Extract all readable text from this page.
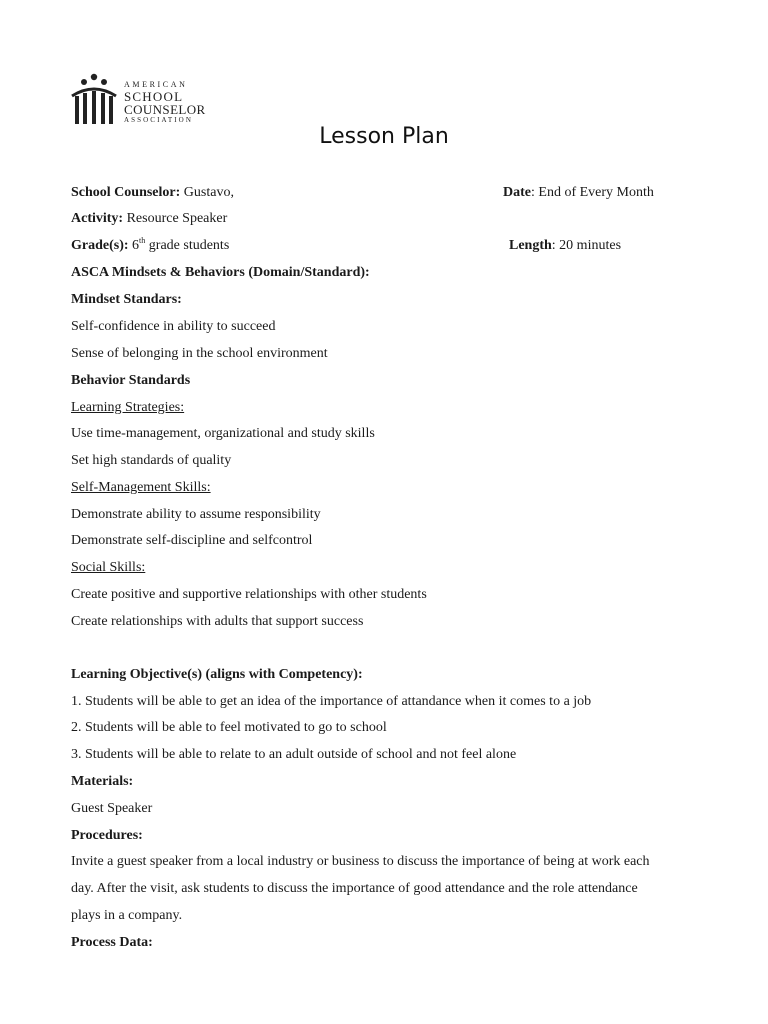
AMERICAN
SCHOOL
COUNSELOR
ASSOCIATION
Lesson Plan
School Counselor: Gustavo,	Date: End of Every Month
Activity: Resource Speaker
Grade(s): 6th grade students	Length: 20 minutes
ASCA Mindsets & Behaviors (Domain/Standard):
Mindset Standars:
Self-confidence in ability to succeed
Sense of belonging in the school environment
Behavior Standards
Learning Strategies:
Use time-management, organizational and study skills
Set high standards of quality
Self-Management Skills:
Demonstrate ability to assume responsibility
Demonstrate self-discipline and selfcontrol
Social Skills:
Create positive and supportive relationships with other students
Create relationships with adults that support success
Learning Objective(s) (aligns with Competency):
1. Students will be able to get an idea of the importance of attandance when it comes to a job
2. Students will be able to feel motivated to go to school
3. Students will be able to relate to an adult outside of school and not feel alone
Materials:
Guest Speaker
Procedures:
Invite a guest speaker from a local industry or business to discuss the importance of being at work each
day. After the visit, ask students to discuss the importance of good attendance and the role attendance
plays in a company.
Process Data:
